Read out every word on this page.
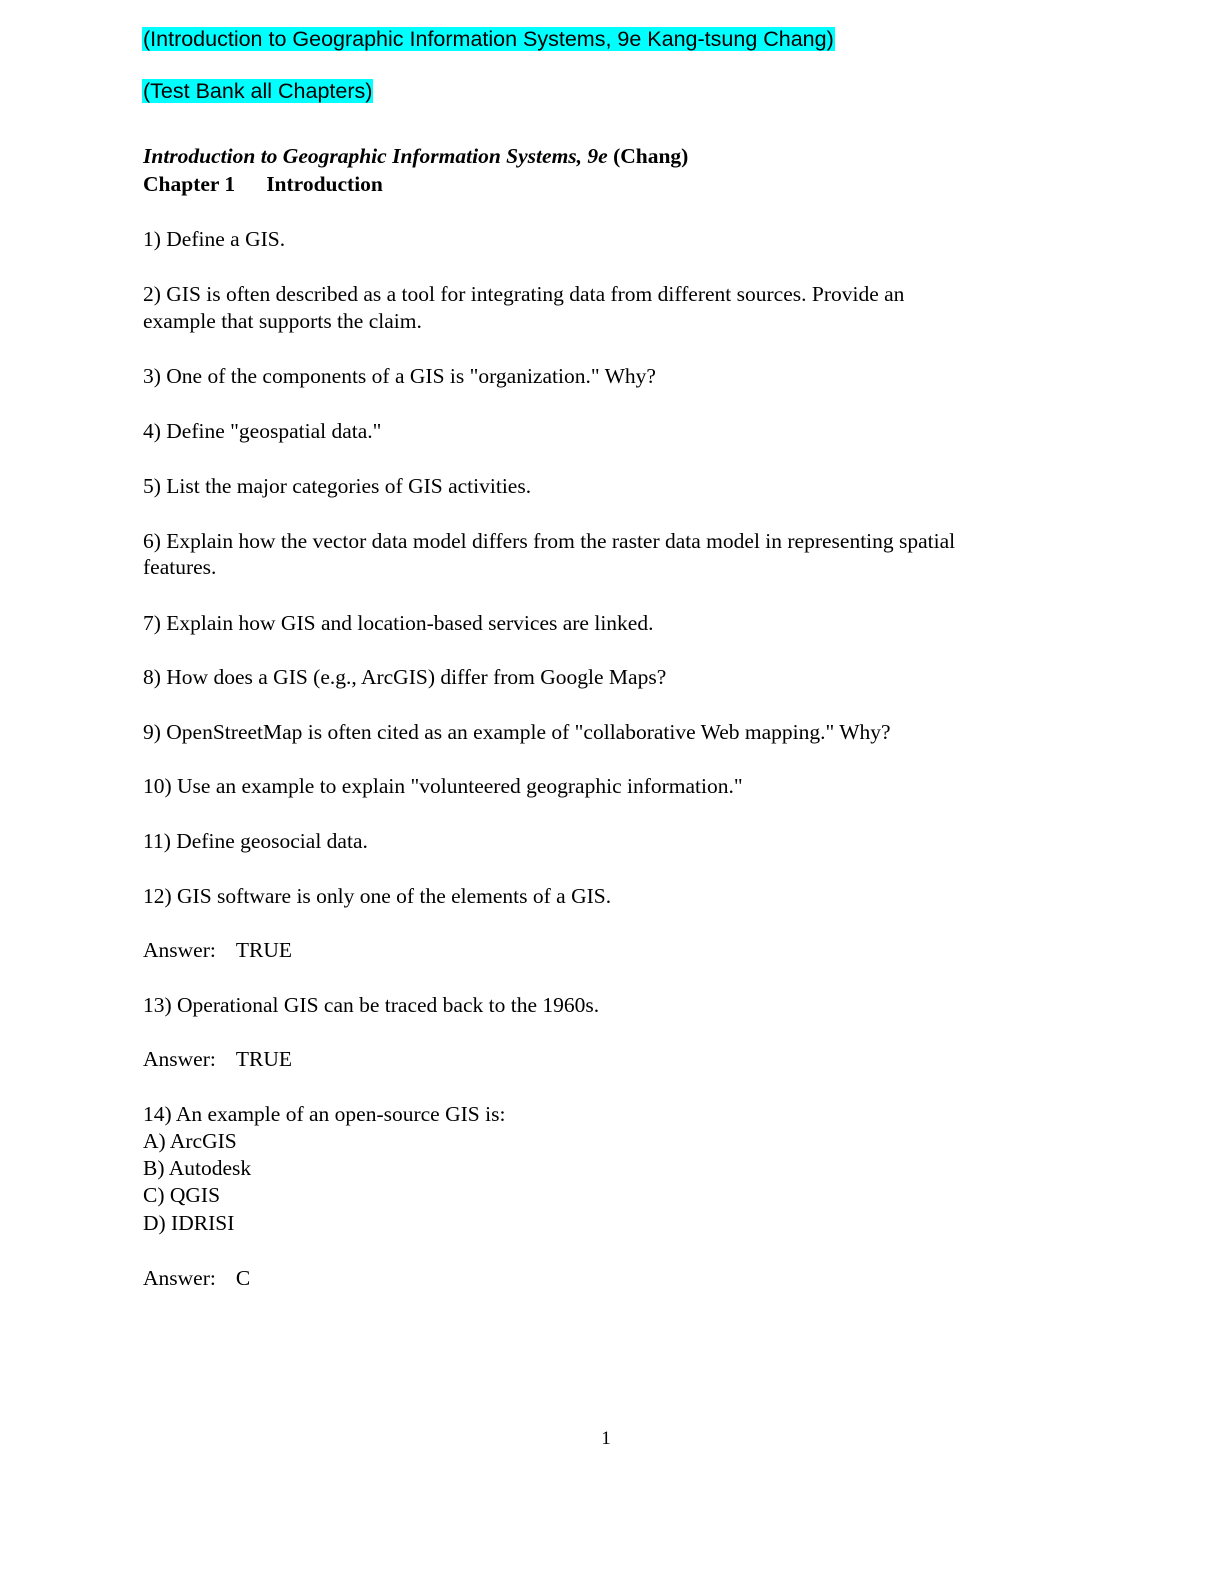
(Introduction to Geographic Information Systems, 9e Kang-tsung Chang)
(Test Bank all Chapters)
Introduction to Geographic Information Systems, 9e (Chang)
Chapter 1 Introduction
1) Define a GIS.
2) GIS is often described as a tool for integrating data from different sources. Provide an
example that supports the claim.
3) One of the components of a GIS is "organization." Why?
4) Define "geospatial data."
5) List the major categories of GIS activities.
6) Explain how the vector data model differs from the raster data model in representing spatial
features.
7) Explain how GIS and location-based services are linked.
8) How does a GIS (e.g., ArcGIS) differ from Google Maps?
9) OpenStreetMap is often cited as an example of "collaborative Web mapping." Why?
10) Use an example to explain "volunteered geographic information."
11) Define geosocial data.
12) GIS software is only one of the elements of a GIS.
Answer: TRUE
13) Operational GIS can be traced back to the 1960s.
Answer: TRUE
14) An example of an open-source GIS is:
A) ArcGIS
B) Autodesk
C) QGIS
D) IDRISI
Answer: C
1
